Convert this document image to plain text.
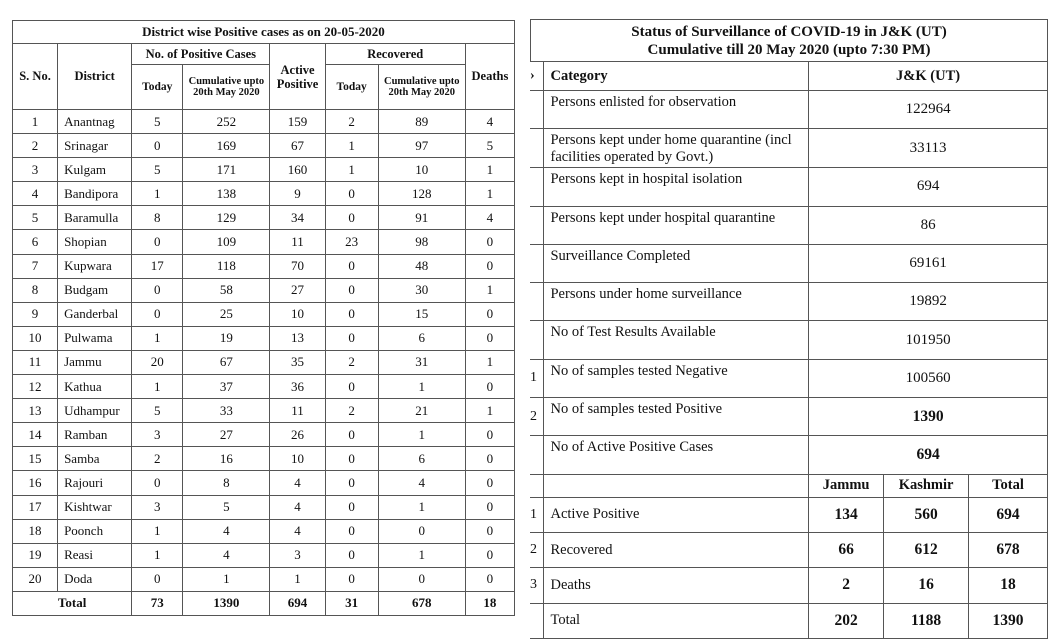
District wise Positive cases as on 20-05-2020							
S. No.	District	No. of Positive Cases		Active Positive	Recovered		Deaths
		Today	Cumulative upto 20th May 2020		Today	Cumulative upto 20th May 2020	
1	Anantnag	5	252	159	2	89	4
2	Srinagar	0	169	67	1	97	5
3	Kulgam	5	171	160	1	10	1
4	Bandipora	1	138	9	0	128	1
5	Baramulla	8	129	34	0	91	4
6	Shopian	0	109	11	23	98	0
7	Kupwara	17	118	70	0	48	0
8	Budgam	0	58	27	0	30	1
9	Ganderbal	0	25	10	0	15	0
10	Pulwama	1	19	13	0	6	0
11	Jammu	20	67	35	2	31	1
12	Kathua	1	37	36	0	1	0
13	Udhampur	5	33	11	2	21	1
14	Ramban	3	27	26	0	1	0
15	Samba	2	16	10	0	6	0
16	Rajouri	0	8	4	0	4	0
17	Kishtwar	3	5	4	0	1	0
18	Poonch	1	4	4	0	0	0
19	Reasi	1	4	3	0	1	0
20	Doda	0	1	1	0	0	0
Total		73	1390	694	31	678	18
Status of Surveillance of COVID-19 in J&K (UT)
Cumulative till 20 May 2020 (upto 7:30 PM)
›	Category	J&K (UT)		
	Persons enlisted for observation	122964		
	Persons kept under home quarantine (incl facilities operated by Govt.)	33113		
	Persons kept in hospital isolation	694		
	Persons kept under hospital quarantine	86		
	Surveillance Completed	69161		
	Persons under home surveillance	19892		
	No of Test Results Available	101950		
1	No of samples tested Negative	100560		
2	No of samples tested Positive	1390		
	No of Active Positive Cases	694		
		Jammu	Kashmir	Total
1	Active Positive	134	560	694
2	Recovered	66	612	678
3	Deaths	2	16	18
	Total	202	1188	1390
